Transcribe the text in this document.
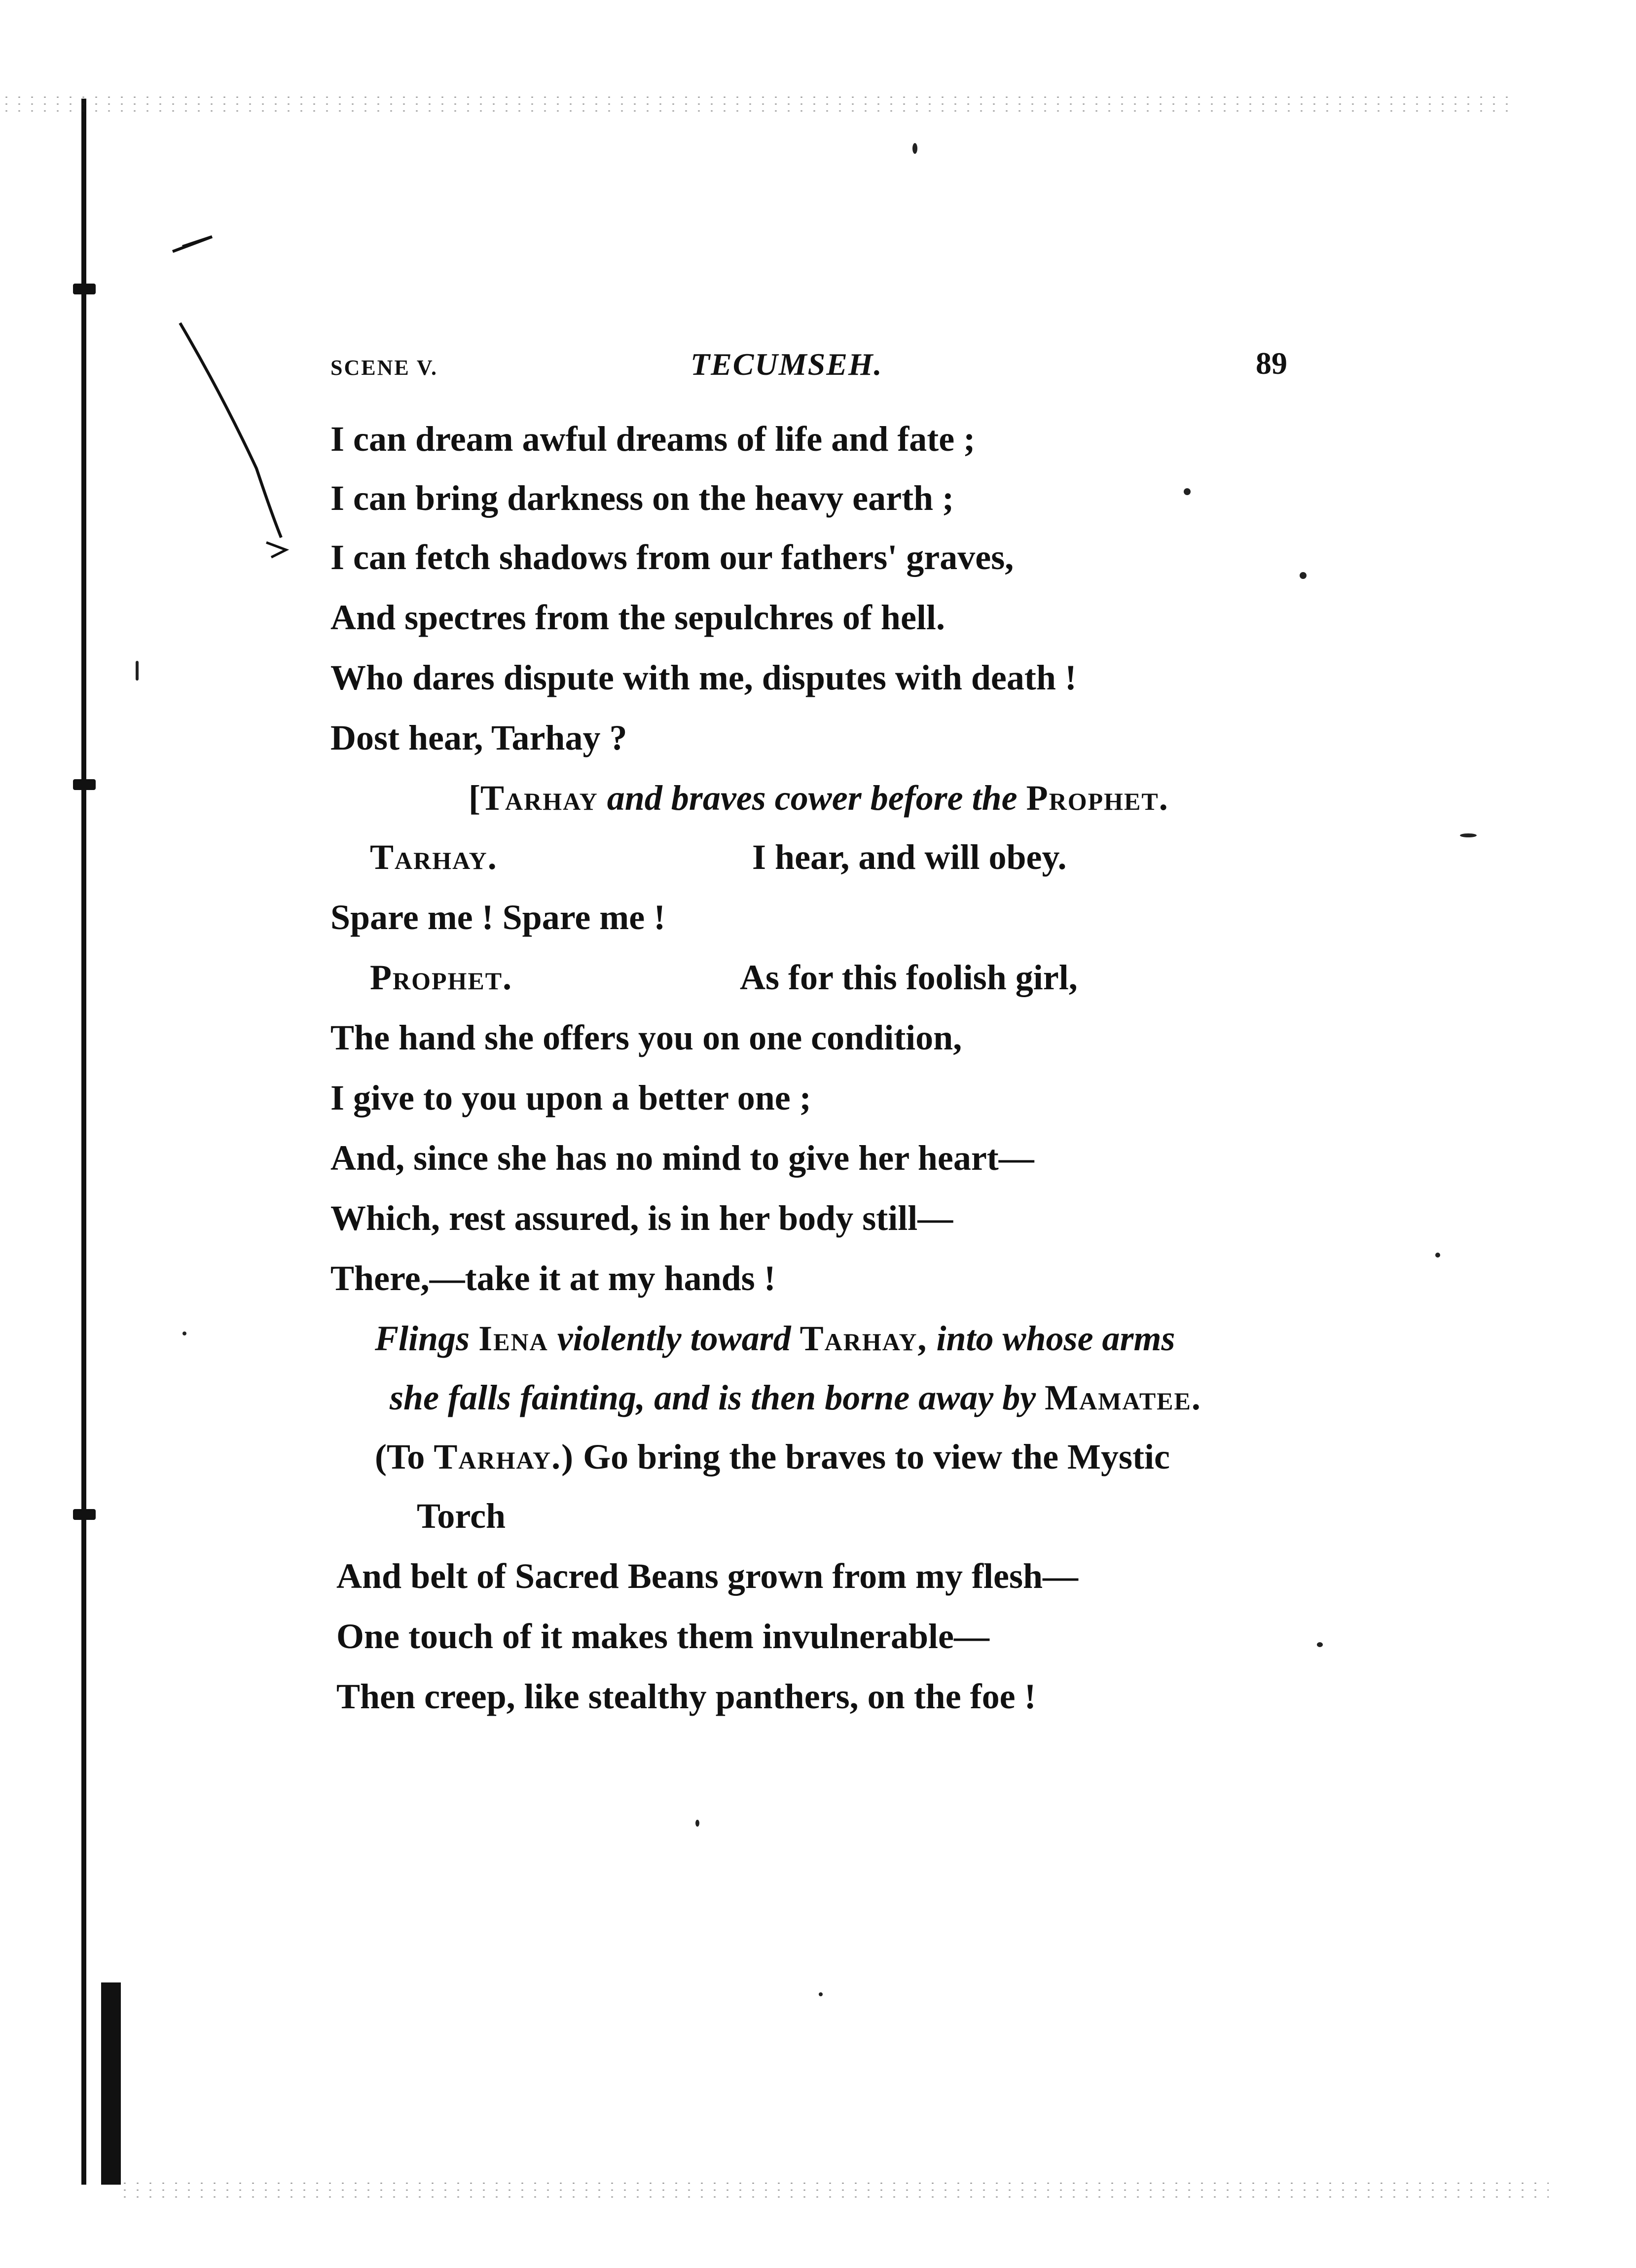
SCENE V.	TECUMSEH.	89
I can dream awful dreams of life and fate ;
I can bring darkness on the heavy earth ;
I can fetch shadows from our fathers' graves,
And spectres from the sepulchres of hell.
Who dares dispute with me, disputes with death !
Dost hear, Tarhay ?
[Tarhay and braves cower before the Prophet.
Tarhay.	I hear, and will obey.
Spare me ! Spare me !
Prophet.	As for this foolish girl,
The hand she offers you on one condition,
I give to you upon a better one ;
And, since she has no mind to give her heart—
Which, rest assured, is in her body still—
There,—take it at my hands !
Flings Iena violently toward Tarhay, into whose arms
she falls fainting, and is then borne away by Mamatee.
(To Tarhay.) Go bring the braves to view the Mystic
Torch
And belt of Sacred Beans grown from my flesh—
One touch of it makes them invulnerable—
Then creep, like stealthy panthers, on the foe !
